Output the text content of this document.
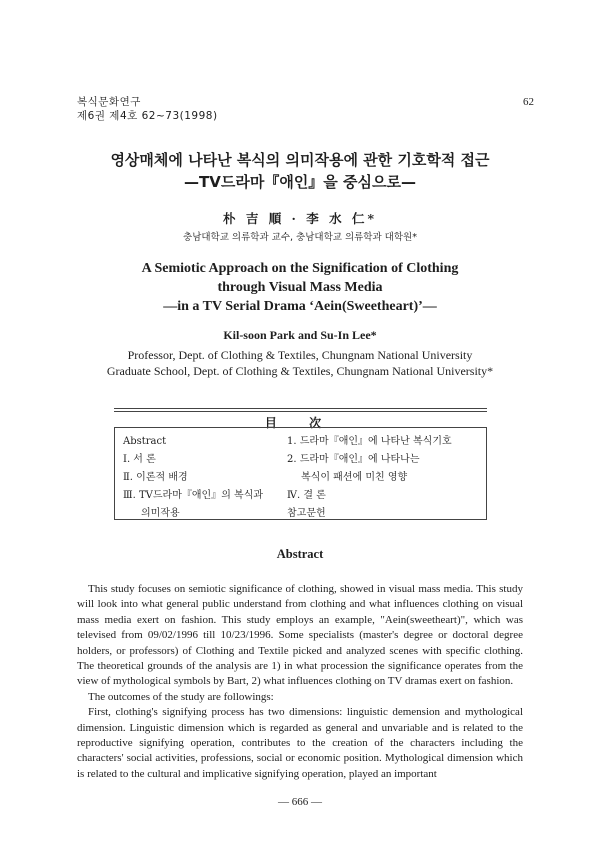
복식문화연구
제6권 제4호 62~73(1998)
62
영상매체에 나타난 복식의 의미작용에 관한 기호학적 접근
—TV드라마『애인』을 중심으로—
朴 吉 順 · 李 水 仁*
충남대학교 의류학과 교수, 충남대학교 의류학과 대학원*
A Semiotic Approach on the Signification of Clothing
through Visual Mass Media
—in a TV Serial Drama ‘Aein(Sweetheart)’—
Kil-soon Park and Su-In Lee*
Professor, Dept. of Clothing & Textiles, Chungnam National University
Graduate School, Dept. of Clothing & Textiles, Chungnam National University*
目 次
Abstract
Ⅰ. 서 론
Ⅱ. 이론적 배경
Ⅲ. TV드라마『애인』의 복식과
의미작용
1. 드라마『애인』에 나타난 복식기호
2. 드라마『애인』에 나타나는
복식이 패션에 미친 영향
Ⅳ. 결 론
참고문헌
Abstract

This study focuses on semiotic significance of clothing, showed in visual mass media. This study will look into what general public understand from clothing and what influences clothing on visual mass media exert on fashion. This study employs an example, "Aein(sweetheart)", which was televised from 09/02/1996 till 10/23/1996. Some specialists (master's degree or doctoral degree holders, or professors) of Clothing and Textile picked and analyzed scenes with specific clothing. The theoretical grounds of the analysis are 1) in what procession the significance operates from the view of mythological symbols by Bart, 2) what influences clothing on TV dramas exert on fashion.

The outcomes of the study are followings:

First, clothing's signifying process has two dimensions: linguistic demension and mythological dimension. Linguistic dimension which is regarded as general and unvariable and is related to the reproductive signifying operation, contributes to the creation of the characters including the characters' social activities, professions, social or economic position. Mythological dimension which is related to the cultural and implicative signifying operation, played an important

— 666 —
